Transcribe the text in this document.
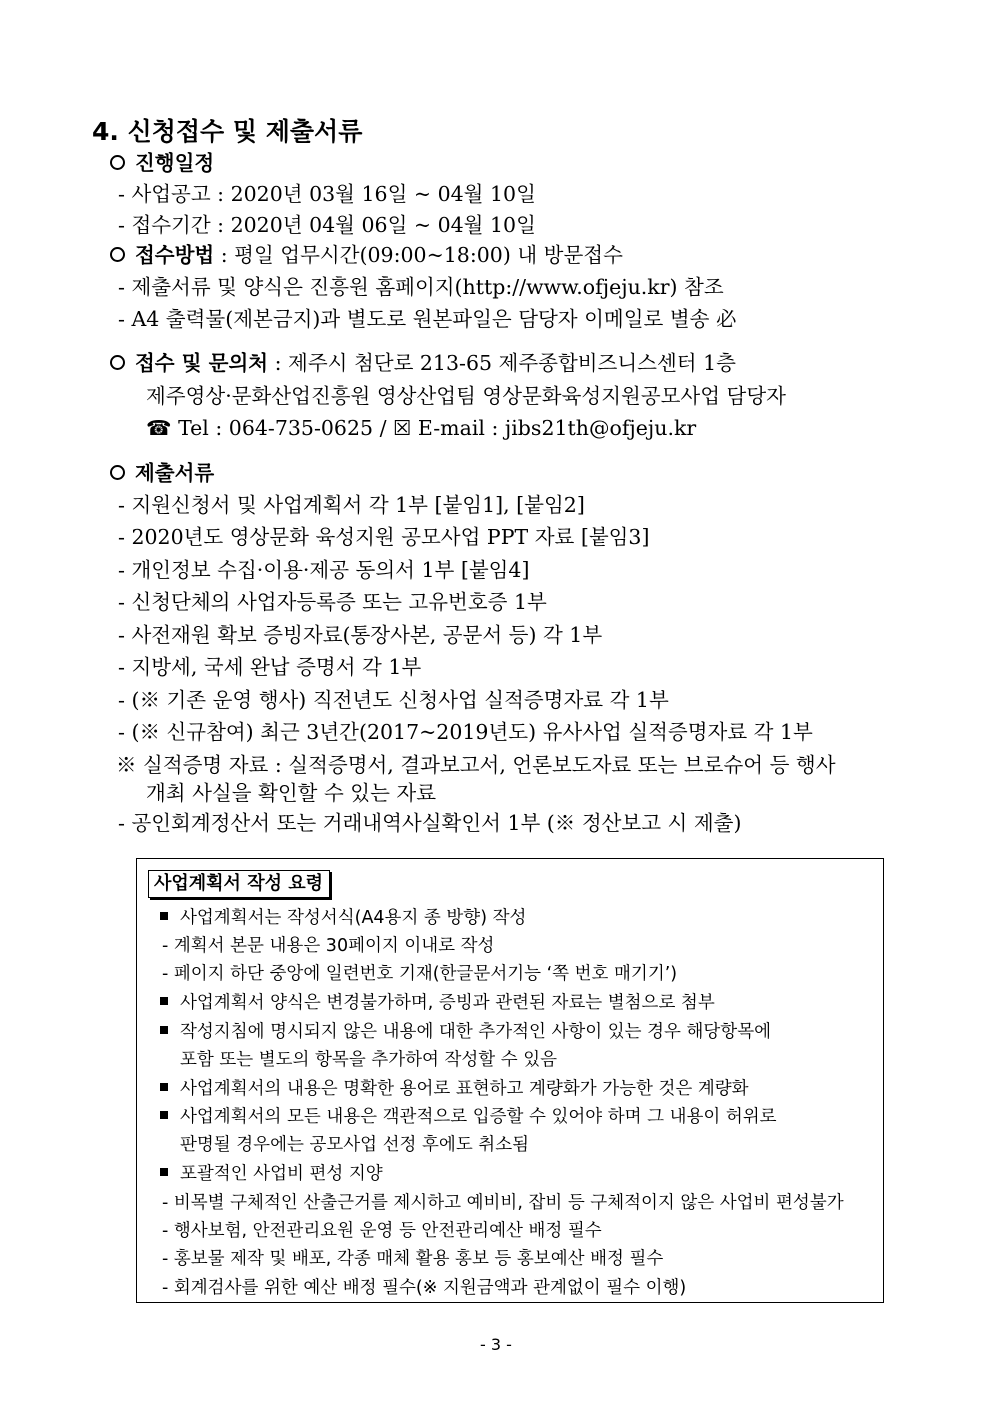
4. 신청접수 및 제출서류
진행일정
- 사업공고 : 2020년 03월 16일 ~ 04월 10일
- 접수기간 : 2020년 04월 06일 ~ 04월 10일
접수방법 : 평일 업무시간(09:00~18:00) 내 방문접수
- 제출서류 및 양식은 진흥원 홈페이지(http://www.ofjeju.kr) 참조
- A4 출력물(제본금지)과 별도로 원본파일은 담당자 이메일로 별송 必
접수 및 문의처 : 제주시 첨단로 213-65 제주종합비즈니스센터 1층
제주영상·문화산업진흥원 영상산업팀 영상문화육성지원공모사업 담당자
☎ Tel : 064-735-0625 / ☒ E-mail : jibs21th@ofjeju.kr
제출서류
- 지원신청서 및 사업계획서 각 1부 [붙임1], [붙임2]
- 2020년도 영상문화 육성지원 공모사업 PPT 자료 [붙임3]
- 개인정보 수집·이용·제공 동의서 1부 [붙임4]
- 신청단체의 사업자등록증 또는 고유번호증 1부
- 사전재원 확보 증빙자료(통장사본, 공문서 등) 각 1부
- 지방세, 국세 완납 증명서 각 1부
- (※ 기존 운영 행사) 직전년도 신청사업 실적증명자료 각 1부
- (※ 신규참여) 최근 3년간(2017~2019년도) 유사사업 실적증명자료 각 1부
※ 실적증명 자료 : 실적증명서, 결과보고서, 언론보도자료 또는 브로슈어 등 행사
개최 사실을 확인할 수 있는 자료
- 공인회계정산서 또는 거래내역사실확인서 1부 (※ 정산보고 시 제출)
사업계획서 작성 요령
사업계획서는 작성서식(A4용지 종 방향) 작성
- 계획서 본문 내용은 30페이지 이내로 작성
- 페이지 하단 중앙에 일련번호 기재(한글문서기능 ‘쪽 번호 매기기’)
사업계획서 양식은 변경불가하며, 증빙과 관련된 자료는 별첨으로 첨부
작성지침에 명시되지 않은 내용에 대한 추가적인 사항이 있는 경우 해당항목에
포함 또는 별도의 항목을 추가하여 작성할 수 있음
사업계획서의 내용은 명확한 용어로 표현하고 계량화가 가능한 것은 계량화
사업계획서의 모든 내용은 객관적으로 입증할 수 있어야 하며 그 내용이 허위로
판명될 경우에는 공모사업 선정 후에도 취소됨
포괄적인 사업비 편성 지양
- 비목별 구체적인 산출근거를 제시하고 예비비, 잡비 등 구체적이지 않은 사업비 편성불가
- 행사보험, 안전관리요원 운영 등 안전관리예산 배정 필수
- 홍보물 제작 및 배포, 각종 매체 활용 홍보 등 홍보예산 배정 필수
- 회계검사를 위한 예산 배정 필수(※ 지원금액과 관계없이 필수 이행)
- 3 -
